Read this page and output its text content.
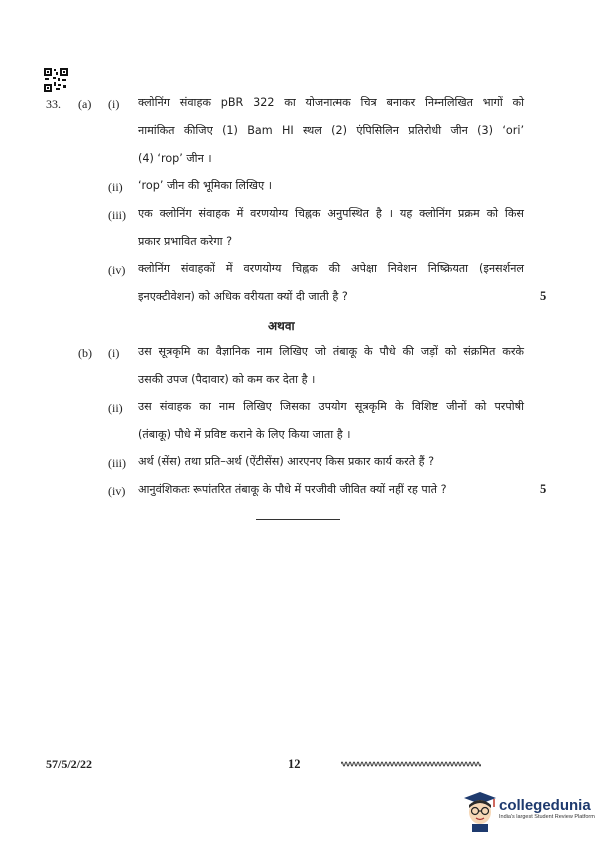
33. (a) (i) क्लोनिंग संवाहक pBR 322 का योजनात्मक चित्र बनाकर निम्नलिखित भागों को
नामांकित कीजिए (1) Bam HI स्थल (2) एंपिसिलिन प्रतिरोधी जीन (3) ‘ori’
(4) ‘rop’ जीन ।
(ii) ‘rop’ जीन की भूमिका लिखिए ।
(iii) एक क्लोनिंग संवाहक में वरणयोग्य चिह्नक अनुपस्थित है । यह क्लोनिंग प्रक्रम को किस
प्रकार प्रभावित करेगा ?
(iv) क्लोनिंग संवाहकों में वरणयोग्य चिह्नक की अपेक्षा निवेशन निष्क्रियता (इनसर्शनल
इनएक्टीवेशन) को अधिक वरीयता क्यों दी जाती है ?	5
अथवा
(b) (i) उस सूत्रकृमि का वैज्ञानिक नाम लिखिए जो तंबाकू के पौधे की जड़ों को संक्रमित करके
उसकी उपज (पैदावार) को कम कर देता है ।
(ii) उस संवाहक का नाम लिखिए जिसका उपयोग सूत्रकृमि के विशिष्ट जीनों को परपोषी
(तंबाकू) पौधे में प्रविष्ट कराने के लिए किया जाता है ।
(iii) अर्थ (सेंस) तथा प्रति–अर्थ (ऐंटीसेंस) आरएनए किस प्रकार कार्य करते हैं ?
(iv) आनुवंशिकतः रूपांतरित तंबाकू के पौधे में परजीवी जीवित क्यों नहीं रह पाते ?	5
57/5/2/22	12
collegedunia
India's largest Student Review Platform
